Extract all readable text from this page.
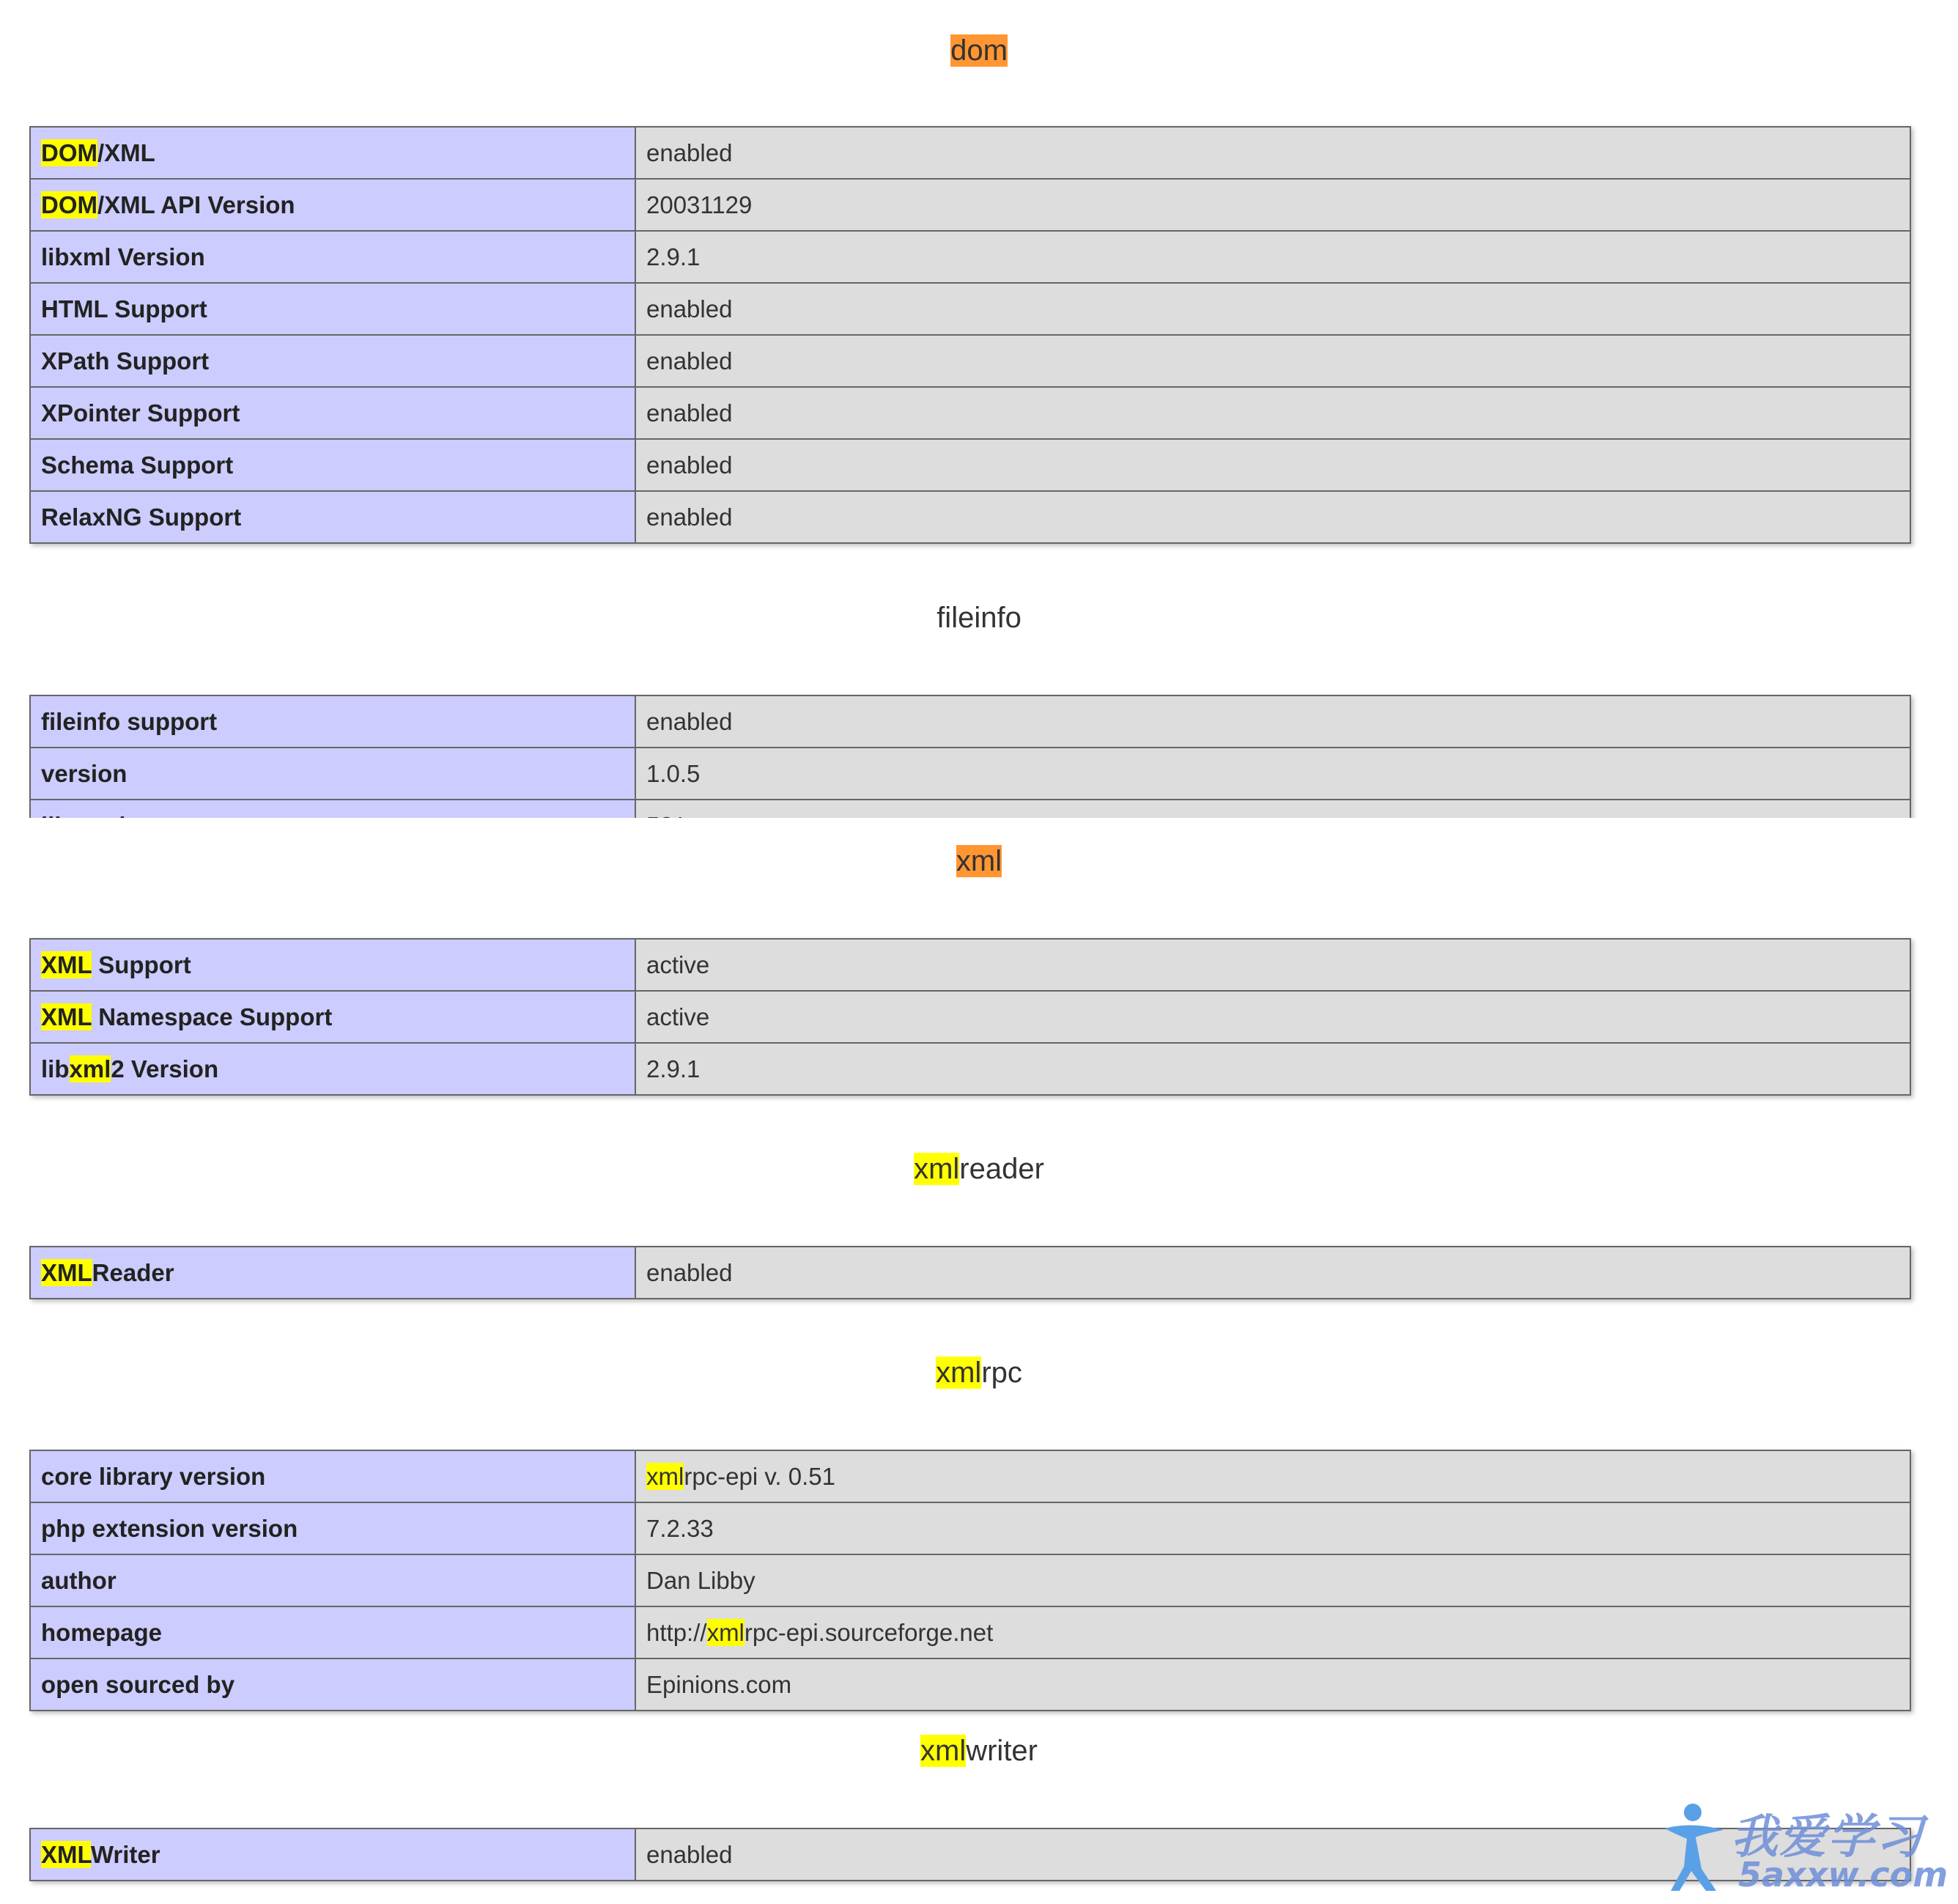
dom
DOM/XML	enabled
DOM/XML API Version	20031129
libxml Version	2.9.1
HTML Support	enabled
XPath Support	enabled
XPointer Support	enabled
Schema Support	enabled
RelaxNG Support	enabled
fileinfo
fileinfo support	enabled
version	1.0.5

xml
XML Support	active
XML Namespace Support	active
libxml2 Version	2.9.1
xmlreader
XMLReader	enabled
xmlrpc
core library version	xmlrpc-epi v. 0.51
php extension version	7.2.33
author	Dan Libby
homepage	http://xmlrpc-epi.sourceforge.net
open sourced by	Epinions.com
xmlwriter
XMLWriter	enabled	我爱学习
5axxw.com
